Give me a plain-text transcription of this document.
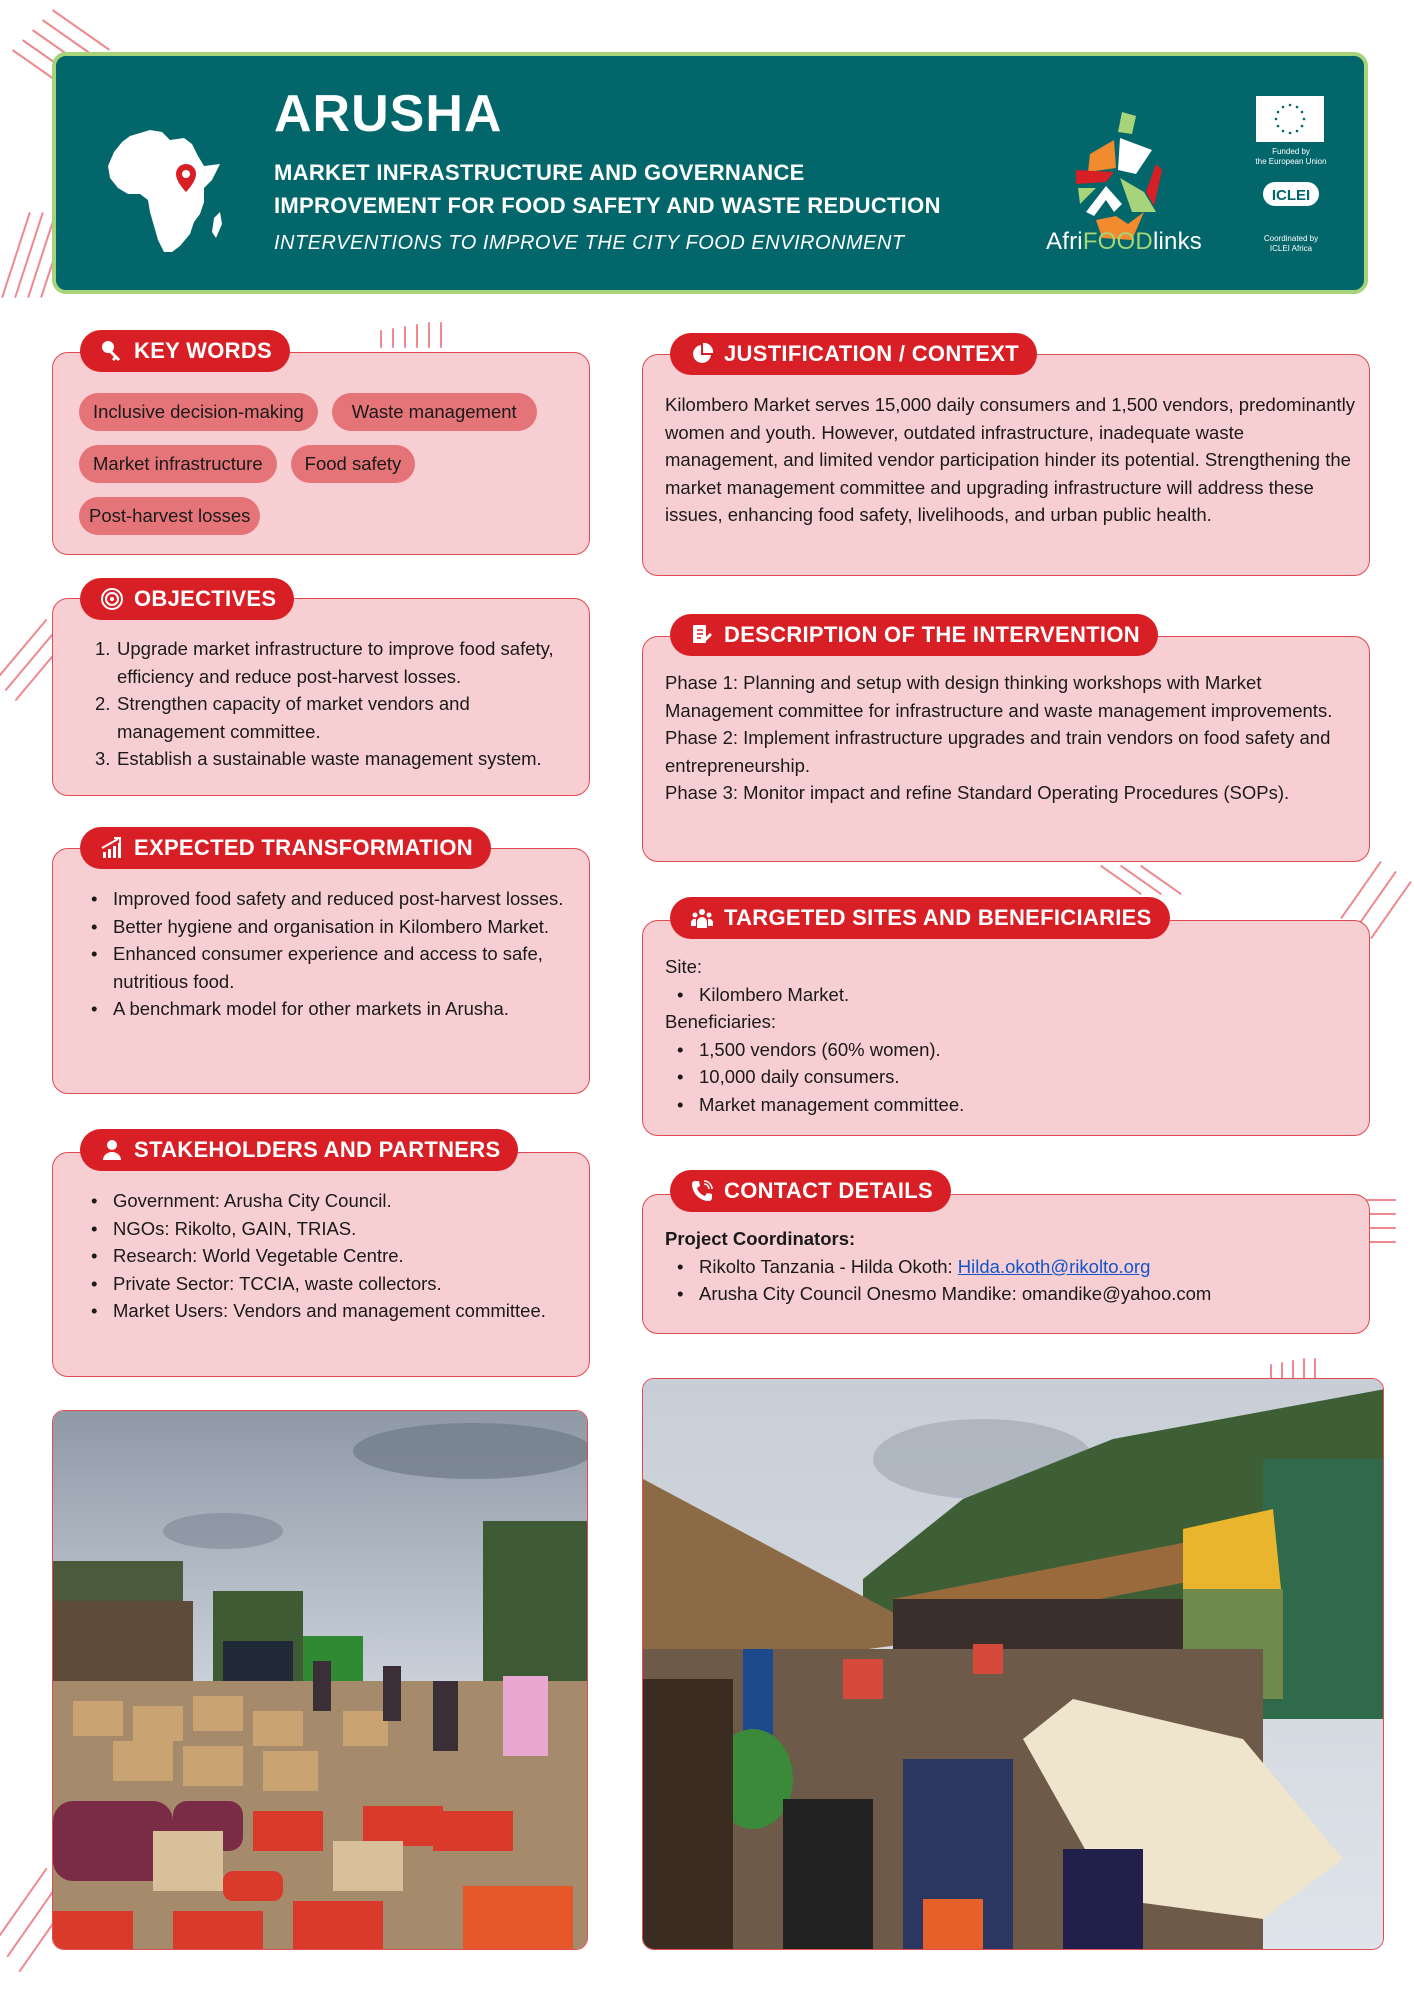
ARUSHA
MARKET INFRASTRUCTURE AND GOVERNANCE
IMPROVEMENT FOR FOOD SAFETY AND WASTE REDUCTION
INTERVENTIONS TO IMPROVE THE CITY FOOD ENVIRONMENT	AfriFOODlinks
Funded by
the European Union
ICLEI
Coordinated by
ICLEI Africa
Inclusive decision-making	Waste management
Market infrastructure Food safety
Post-harvest losses
KEY WORDS
Kilombero Market serves 15,000 daily consumers and 1,500 vendors, predominantly women and youth. However, outdated infrastructure, inadequate waste management, and limited vendor participation hinder its potential. Strengthening the market management committee and upgrading infrastructure will address these issues, enhancing food safety, livelihoods, and urban public health.
JUSTIFICATION / CONTEXT
1. Upgrade market infrastructure to improve food safety, efficiency and reduce post-harvest losses.
2. Strengthen capacity of market vendors and management committee.
3. Establish a sustainable waste management system.
OBJECTIVES

Phase 1: Planning and setup with design thinking workshops with Market Management committee for infrastructure and waste management improvements.

Phase 2: Implement infrastructure upgrades and train vendors on food safety and entrepreneurship.

Phase 3: Monitor impact and refine Standard Operating Procedures (SOPs).

DESCRIPTION OF THE INTERVENTION
• Improved food safety and reduced post-harvest losses.
• Better hygiene and organisation in Kilombero Market.
• Enhanced consumer experience and access to safe, nutritious food.
• A benchmark model for other markets in Arusha.
EXPECTED TRANSFORMATION

Site:

• Kilombero Market.

Beneficiaries:

• 1,500 vendors (60% women).
• 10,000 daily consumers.
• Market management committee.
TARGETED SITES AND BENEFICIARIES
• Government: Arusha City Council.
• NGOs: Rikolto, GAIN, TRIAS.
• Research: World Vegetable Centre.
• Private Sector: TCCIA, waste collectors.
• Market Users: Vendors and management committee.
STAKEHOLDERS AND PARTNERS

Project Coordinators:

• Rikolto Tanzania - Hilda Okoth: Hilda.okoth@rikolto.org
• Arusha City Council Onesmo Mandike: omandike@yahoo.com
CONTACT DETAILS
